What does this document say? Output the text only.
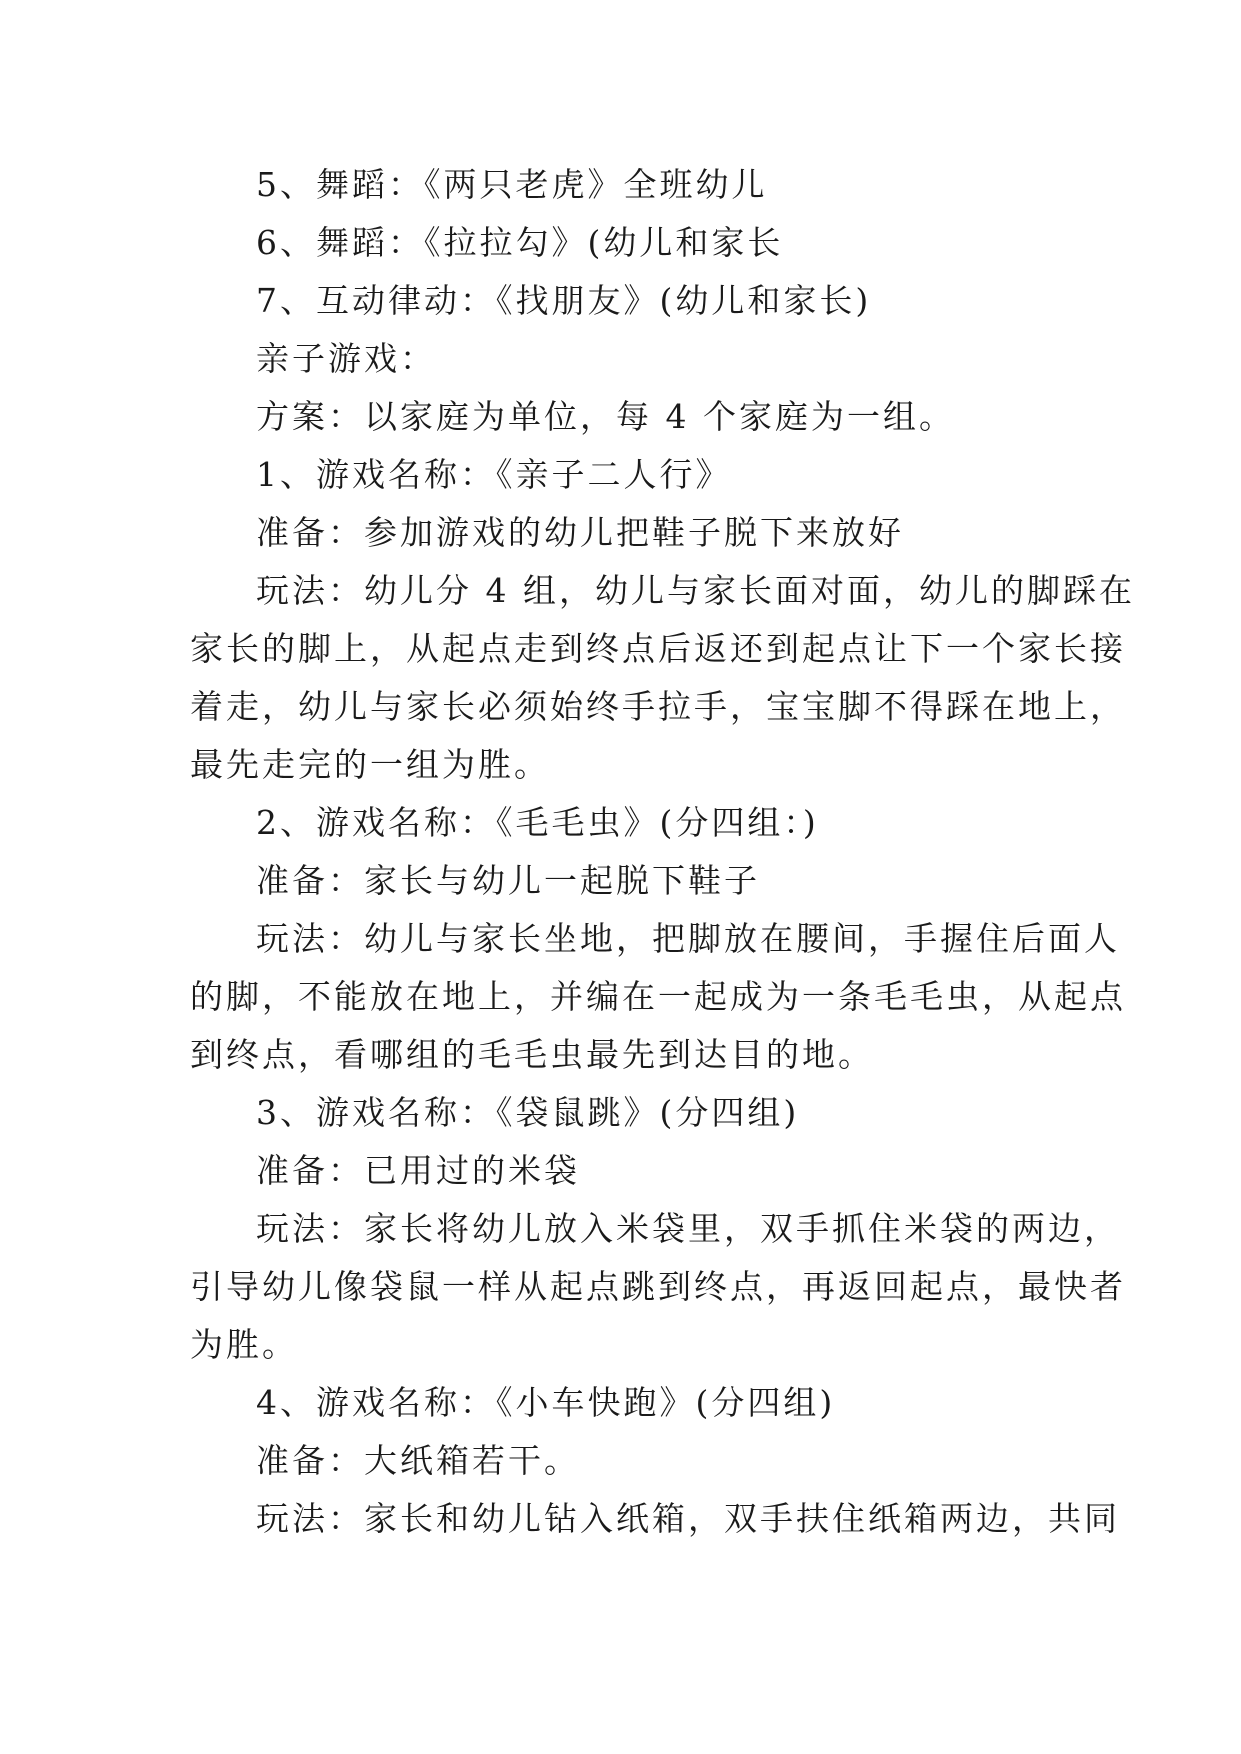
5、舞蹈：《两只老虎》全班幼儿
6、舞蹈：《拉拉勾》(幼儿和家长
7、互动律动：《找朋友》(幼儿和家长)
亲子游戏：
方案：以家庭为单位，每 4 个家庭为一组。
1、游戏名称：《亲子二人行》
准备：参加游戏的幼儿把鞋子脱下来放好
玩法：幼儿分 4 组，幼儿与家长面对面，幼儿的脚踩在
家长的脚上，从起点走到终点后返还到起点让下一个家长接
着走，幼儿与家长必须始终手拉手，宝宝脚不得踩在地上，
最先走完的一组为胜。
2、游戏名称：《毛毛虫》(分四组：)
准备：家长与幼儿一起脱下鞋子
玩法：幼儿与家长坐地，把脚放在腰间，手握住后面人
的脚，不能放在地上，并编在一起成为一条毛毛虫，从起点
到终点，看哪组的毛毛虫最先到达目的地。
3、游戏名称：《袋鼠跳》(分四组)
准备：已用过的米袋
玩法：家长将幼儿放入米袋里，双手抓住米袋的两边，
引导幼儿像袋鼠一样从起点跳到终点，再返回起点，最快者
为胜。
4、游戏名称：《小车快跑》(分四组)
准备：大纸箱若干。
玩法：家长和幼儿钻入纸箱，双手扶住纸箱两边，共同
